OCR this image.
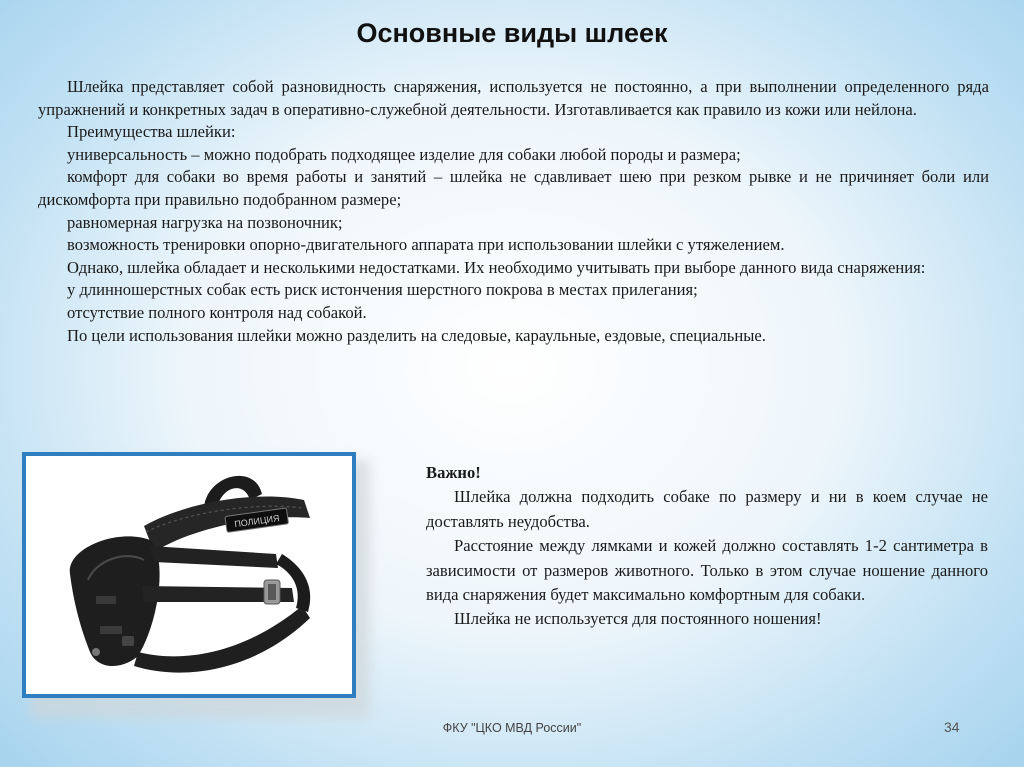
Основные виды шлеек

Шлейка представляет собой разновидность снаряжения, используется не постоянно, а при выполнении определенного ряда упражнений и конкретных задач в оперативно-служебной деятельности. Изготавливается как правило из кожи или нейлона.

Преимущества шлейки:

универсальность – можно подобрать подходящее изделие для собаки любой породы и размера;

комфорт для собаки во время работы и занятий – шлейка не сдавливает шею при резком рывке и не причиняет боли или дискомфорта при правильно подобранном размере;

равномерная нагрузка на позвоночник;

возможность тренировки опорно-двигательного аппарата при использовании шлейки с утяжелением.

Однако, шлейка обладает и несколькими недостатками. Их необходимо учитывать при выборе данного вида снаряжения:

у длинношерстных собак есть риск истончения шерстного покрова в местах прилегания;

отсутствие полного контроля над собакой.

По цели использования шлейки можно разделить на следовые, караульные, ездовые, специальные.

ПОЛИЦИЯ
Важно!

Шлейка должна подходить собаке по размеру и ни в коем случае не доставлять неудобства.

Расстояние между лямками и кожей должно составлять 1-2 сантиметра в зависимости от размеров животного. Только в этом случае ношение данного вида снаряжения будет максимально комфортным для собаки.

Шлейка не используется для постоянного ношения!

ФКУ "ЦКО МВД России"	34
